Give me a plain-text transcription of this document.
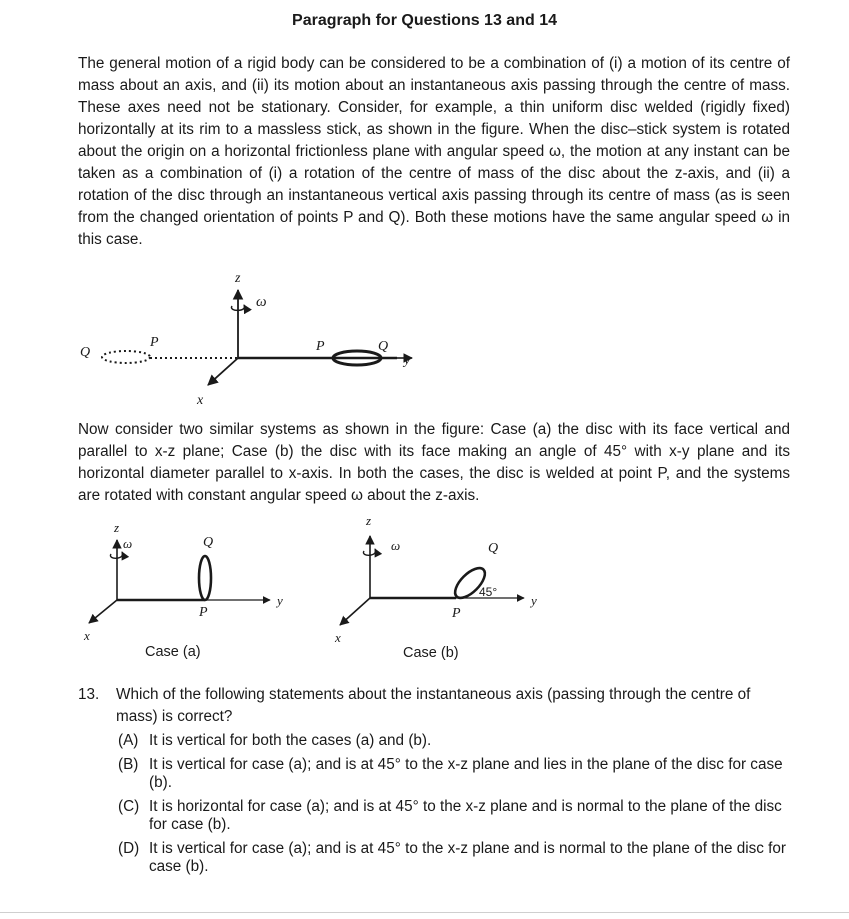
Paragraph for Questions 13 and 14

The general motion of a rigid body can be considered to be a combination of (i) a motion of its centre of mass about an axis, and (ii) its motion about an instantaneous axis passing through the centre of mass. These axes need not be stationary. Consider, for example, a thin uniform disc welded (rigidly fixed) horizontally at its rim to a massless stick, as shown in the figure. When the disc–stick system is rotated about the origin on a horizontal frictionless plane with angular speed ω, the motion at any instant can be taken as a combination of (i) a rotation of the centre of mass of the disc about the z-axis, and (ii) a rotation of the disc through an instantaneous vertical axis passing through its centre of mass (as is seen from the changed orientation of points P and Q). Both these motions have the same angular speed ω in this case.

z
ω
x
y
Q
P	P	Q

Now consider two similar systems as shown in the figure: Case (a) the disc with its face vertical and parallel to x-z plane; Case (b) the disc with its face making an angle of 45° with x-y plane and its horizontal diameter parallel to x-axis. In both the cases, the disc is welded at point P, and the systems are rotated with constant angular speed ω about the z-axis.

z
ω	Q
P
y
x
Case (a)
z
ω	Q
45°
y
P
x
Case (b)
13. Which of the following statements about the instantaneous axis (passing through the centre of mass) is correct?
(A) It is vertical for both the cases (a) and (b).
(B) It is vertical for case (a); and is at 45° to the x-z plane and lies in the plane of the disc for case (b).
(C) It is horizontal for case (a); and is at 45° to the x-z plane and is normal to the plane of the disc for case (b).
(D) It is vertical for case (a); and is at 45° to the x-z plane and is normal to the plane of the disc for case (b).
